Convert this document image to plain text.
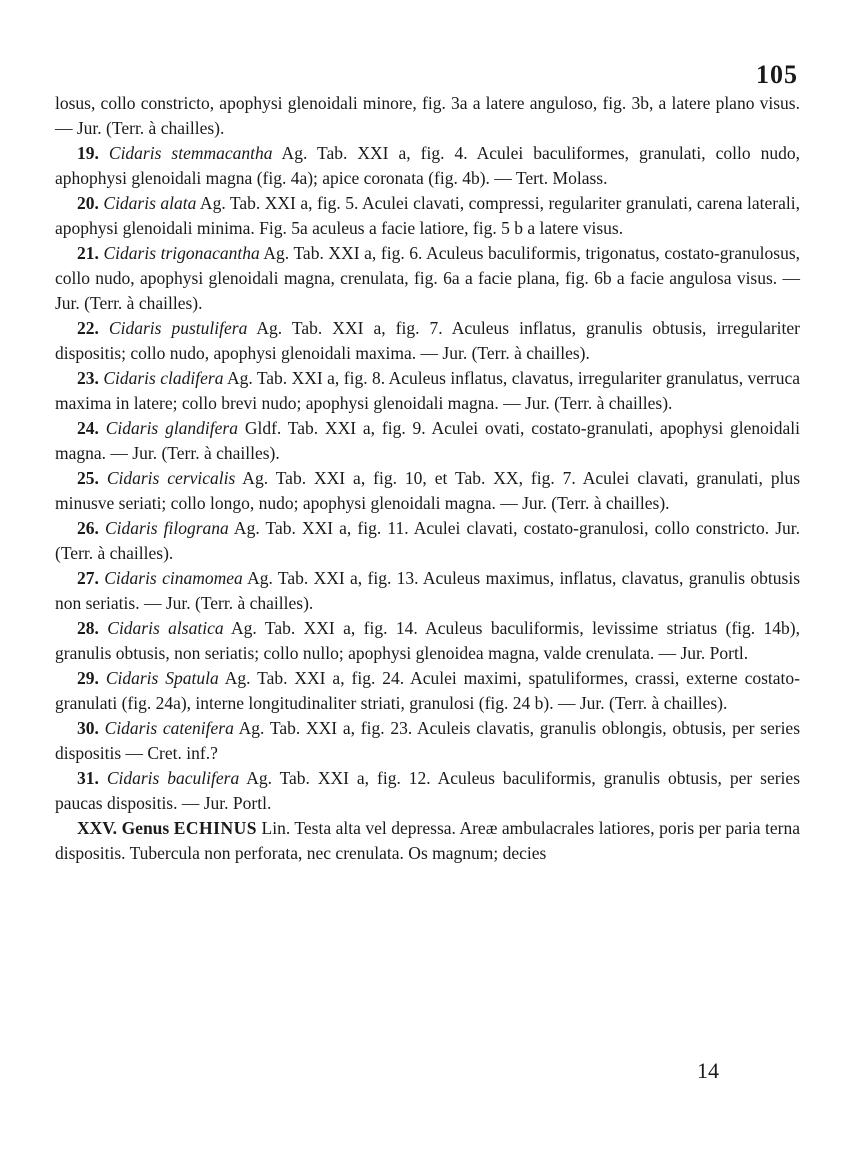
105

losus, collo constricto, apophysi glenoidali minore, fig. 3a a latere anguloso, fig. 3b, a latere plano visus. — Jur. (Terr. à chailles).

19. Cidaris stemmacantha Ag. Tab. XXI a, fig. 4. Aculei baculiformes, granulati, collo nudo, aphophysi glenoidali magna (fig. 4a); apice coronata (fig. 4b). — Tert. Molass.

20. Cidaris alata Ag. Tab. XXI a, fig. 5. Aculei clavati, compressi, regulariter granulati, carena laterali, apophysi glenoidali minima. Fig. 5a aculeus a facie latiore, fig. 5 b a latere visus.

21. Cidaris trigonacantha Ag. Tab. XXI a, fig. 6. Aculeus baculiformis, trigonatus, costato-granulosus, collo nudo, apophysi glenoidali magna, crenulata, fig. 6a a facie plana, fig. 6b a facie angulosa visus. — Jur. (Terr. à chailles).

22. Cidaris pustulifera Ag. Tab. XXI a, fig. 7. Aculeus inflatus, granulis obtusis, irregulariter dispositis; collo nudo, apophysi glenoidali maxima. — Jur. (Terr. à chailles).

23. Cidaris cladifera Ag. Tab. XXI a, fig. 8. Aculeus inflatus, clavatus, irregulariter granulatus, verruca maxima in latere; collo brevi nudo; apophysi glenoidali magna. — Jur. (Terr. à chailles).

24. Cidaris glandifera Gldf. Tab. XXI a, fig. 9. Aculei ovati, costato-granulati, apophysi glenoidali magna. — Jur. (Terr. à chailles).

25. Cidaris cervicalis Ag. Tab. XXI a, fig. 10, et Tab. XX, fig. 7. Aculei clavati, granulati, plus minusve seriati; collo longo, nudo; apophysi glenoidali magna. — Jur. (Terr. à chailles).

26. Cidaris filograna Ag. Tab. XXI a, fig. 11. Aculei clavati, costato-granulosi, collo constricto. Jur. (Terr. à chailles).

27. Cidaris cinamomea Ag. Tab. XXI a, fig. 13. Aculeus maximus, inflatus, clavatus, granulis obtusis non seriatis. — Jur. (Terr. à chailles).

28. Cidaris alsatica Ag. Tab. XXI a, fig. 14. Aculeus baculiformis, levissime striatus (fig. 14b), granulis obtusis, non seriatis; collo nullo; apophysi glenoidea magna, valde crenulata. — Jur. Portl.

29. Cidaris Spatula Ag. Tab. XXI a, fig. 24. Aculei maximi, spatuliformes, crassi, externe costato-granulati (fig. 24a), interne longitudinaliter striati, granulosi (fig. 24 b). — Jur. (Terr. à chailles).

30. Cidaris catenifera Ag. Tab. XXI a, fig. 23. Aculeis clavatis, granulis oblongis, obtusis, per series dispositis — Cret. inf.?

31. Cidaris baculifera Ag. Tab. XXI a, fig. 12. Aculeus baculiformis, granulis obtusis, per series paucas dispositis. — Jur. Portl.

XXV. Genus ECHINUS Lin. Testa alta vel depressa. Areæ ambulacrales latiores, poris per paria terna dispositis. Tubercula non perforata, nec crenulata. Os magnum; decies

14
